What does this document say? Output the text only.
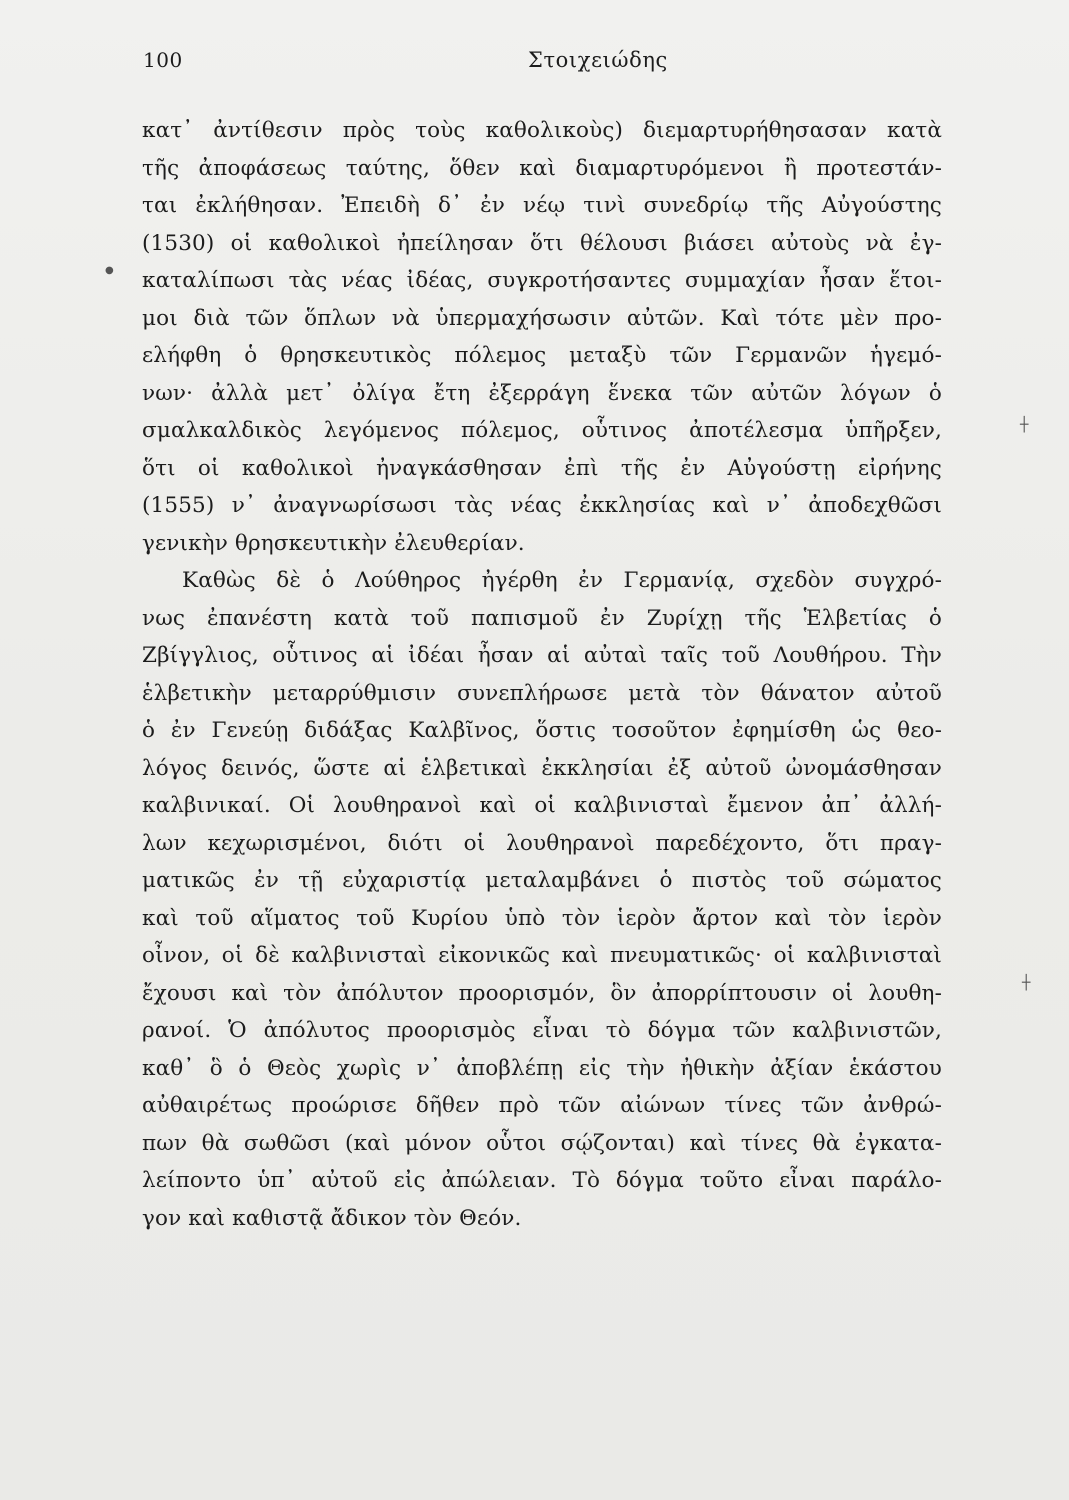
100	Στοιχειώδης
κατ᾽ ἀντίθεσιν πρὸς τοὺς καθολικοὺς) διεμαρτυρήθησασαν κατὰ
τῆς ἀποφάσεως ταύτης, ὅθεν καὶ διαμαρτυρόμενοι ἢ προτεστάν-
ται ἐκλήθησαν. Ἐπειδὴ δ᾽ ἐν νέῳ τινὶ συνεδρίῳ τῆς Αὐγούστης
(1530) οἱ καθολικοὶ ἠπείλησαν ὅτι θέλουσι βιάσει αὐτοὺς νὰ ἐγ-
καταλίπωσι τὰς νέας ἰδέας, συγκροτήσαντες συμμαχίαν ἦσαν ἕτοι-
μοι διὰ τῶν ὅπλων νὰ ὑπερμαχήσωσιν αὐτῶν. Καὶ τότε μὲν προ-
ελήφθη ὁ θρησκευτικὸς πόλεμος μεταξὺ τῶν Γερμανῶν ἡγεμό-
νων· ἀλλὰ μετ᾽ ὀλίγα ἔτη ἐξερράγη ἕνεκα τῶν αὐτῶν λόγων ὁ
σμαλκαλδικὸς λεγόμενος πόλεμος, οὗτινος ἀποτέλεσμα ὑπῆρξεν,
ὅτι οἱ καθολικοὶ ἠναγκάσθησαν ἐπὶ τῆς ἐν Αὐγούστῃ εἰρήνης
(1555) ν᾽ ἀναγνωρίσωσι τὰς νέας ἐκκλησίας καὶ ν᾽ ἀποδεχθῶσι
γενικὴν θρησκευτικὴν ἐλευθερίαν.
Καθὼς δὲ ὁ Λούθηρος ἠγέρθη ἐν Γερμανίᾳ, σχεδὸν συγχρό-
νως ἐπανέστη κατὰ τοῦ παπισμοῦ ἐν Ζυρίχῃ τῆς Ἑλβετίας ὁ
Ζβίγγλιος, οὗτινος αἱ ἰδέαι ἦσαν αἱ αὐταὶ ταῖς τοῦ Λουθήρου. Τὴν
ἑλβετικὴν μεταρρύθμισιν συνεπλήρωσε μετὰ τὸν θάνατον αὐτοῦ
ὁ ἐν Γενεύῃ διδάξας Καλβῖνος, ὅστις τοσοῦτον ἐφημίσθη ὡς θεο-
λόγος δεινός, ὥστε αἱ ἑλβετικαὶ ἐκκλησίαι ἐξ αὐτοῦ ὠνομάσθησαν
καλβινικαί. Οἱ λουθηρανοὶ καὶ οἱ καλβινισταὶ ἔμενον ἀπ᾽ ἀλλή-
λων κεχωρισμένοι, διότι οἱ λουθηρανοὶ παρεδέχοντο, ὅτι πραγ-
ματικῶς ἐν τῇ εὐχαριστίᾳ μεταλαμβάνει ὁ πιστὸς τοῦ σώματος
καὶ τοῦ αἵματος τοῦ Κυρίου ὑπὸ τὸν ἱερὸν ἄρτον καὶ τὸν ἱερὸν
οἶνον, οἱ δὲ καλβινισταὶ εἰκονικῶς καὶ πνευματικῶς· οἱ καλβινισταὶ
ἔχουσι καὶ τὸν ἀπόλυτον προορισμόν, ὃν ἀπορρίπτουσιν οἱ λουθη-
ρανοί. Ὁ ἀπόλυτος προορισμὸς εἶναι τὸ δόγμα τῶν καλβινιστῶν,
καθ᾽ ὃ ὁ Θεὸς χωρὶς ν᾽ ἀποβλέπῃ εἰς τὴν ἠθικὴν ἀξίαν ἑκάστου
αὐθαιρέτως προώρισε δῆθεν πρὸ τῶν αἰώνων τίνες τῶν ἀνθρώ-
πων θὰ σωθῶσι (καὶ μόνον οὗτοι σῴζονται) καὶ τίνες θὰ ἐγκατα-
λείποντο ὑπ᾽ αὐτοῦ εἰς ἀπώλειαν. Τὸ δόγμα τοῦτο εἶναι παράλο-
γον καὶ καθιστᾷ ἄδικον τὸν Θεόν.
┼
┼
●
